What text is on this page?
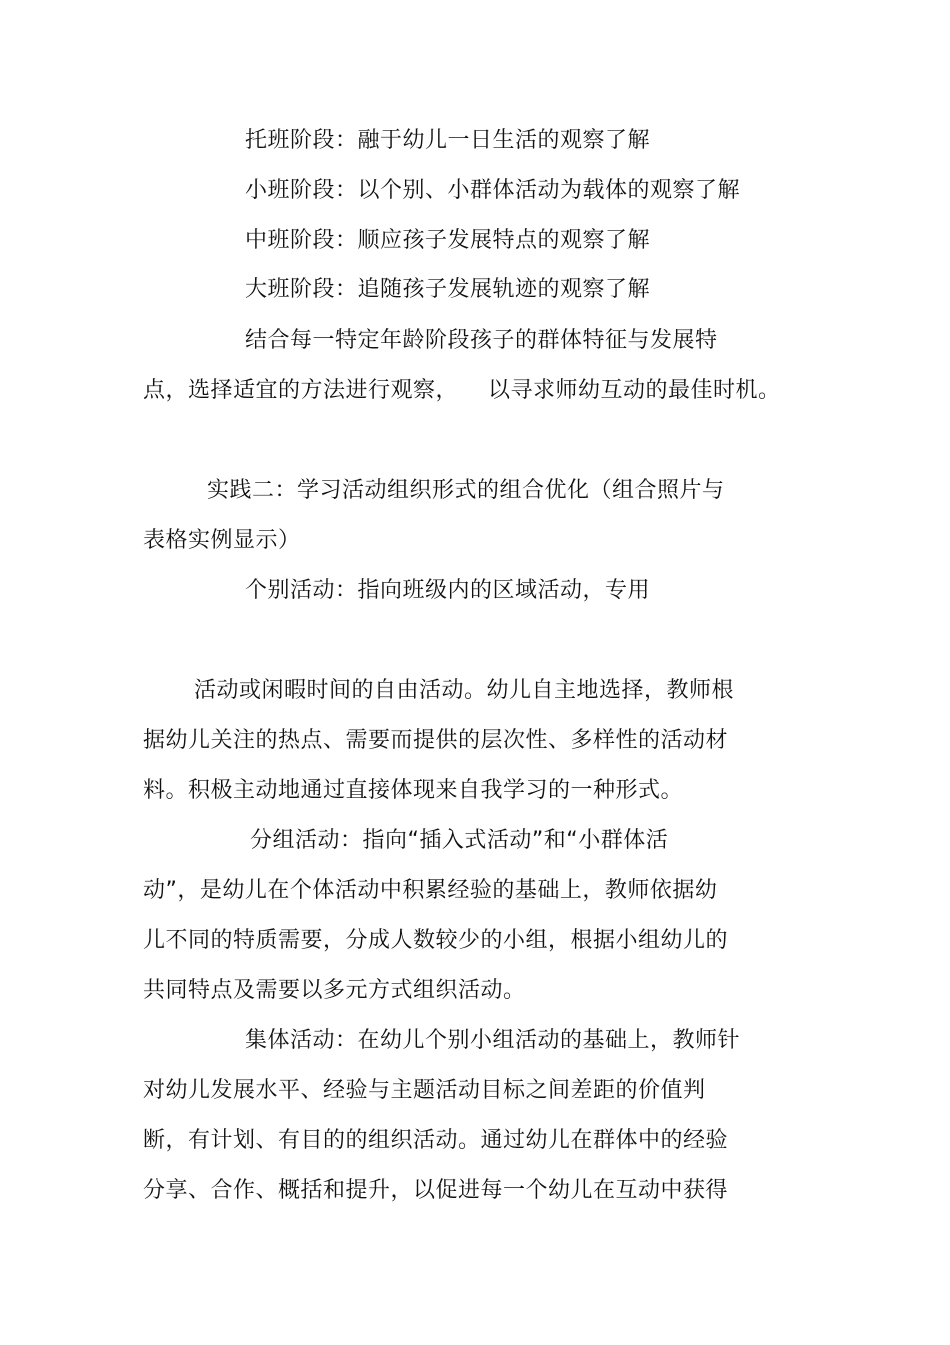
托班阶段：融于幼儿一日生活的观察了解
小班阶段：以个别、小群体活动为载体的观察了解
中班阶段：顺应孩子发展特点的观察了解
大班阶段：追随孩子发展轨迹的观察了解
结合每一特定年龄阶段孩子的群体特征与发展特
点，选择适宜的方法进行观察， 以寻求师幼互动的最佳时机。
实践二：学习活动组织形式的组合优化（组合照片与
表格实例显示）
个别活动：指向班级内的区域活动，专用
活动或闲暇时间的自由活动。幼儿自主地选择，教师根
据幼儿关注的热点、需要而提供的层次性、多样性的活动材
料。积极主动地通过直接体现来自我学习的一种形式。
分组活动：指向“插入式活动”和“小群体活
动”，是幼儿在个体活动中积累经验的基础上，教师依据幼
儿不同的特质需要，分成人数较少的小组，根据小组幼儿的
共同特点及需要以多元方式组织活动。
集体活动：在幼儿个别小组活动的基础上，教师针
对幼儿发展水平、经验与主题活动目标之间差距的价值判
断，有计划、有目的的组织活动。通过幼儿在群体中的经验
分享、合作、概括和提升，以促进每一个幼儿在互动中获得
